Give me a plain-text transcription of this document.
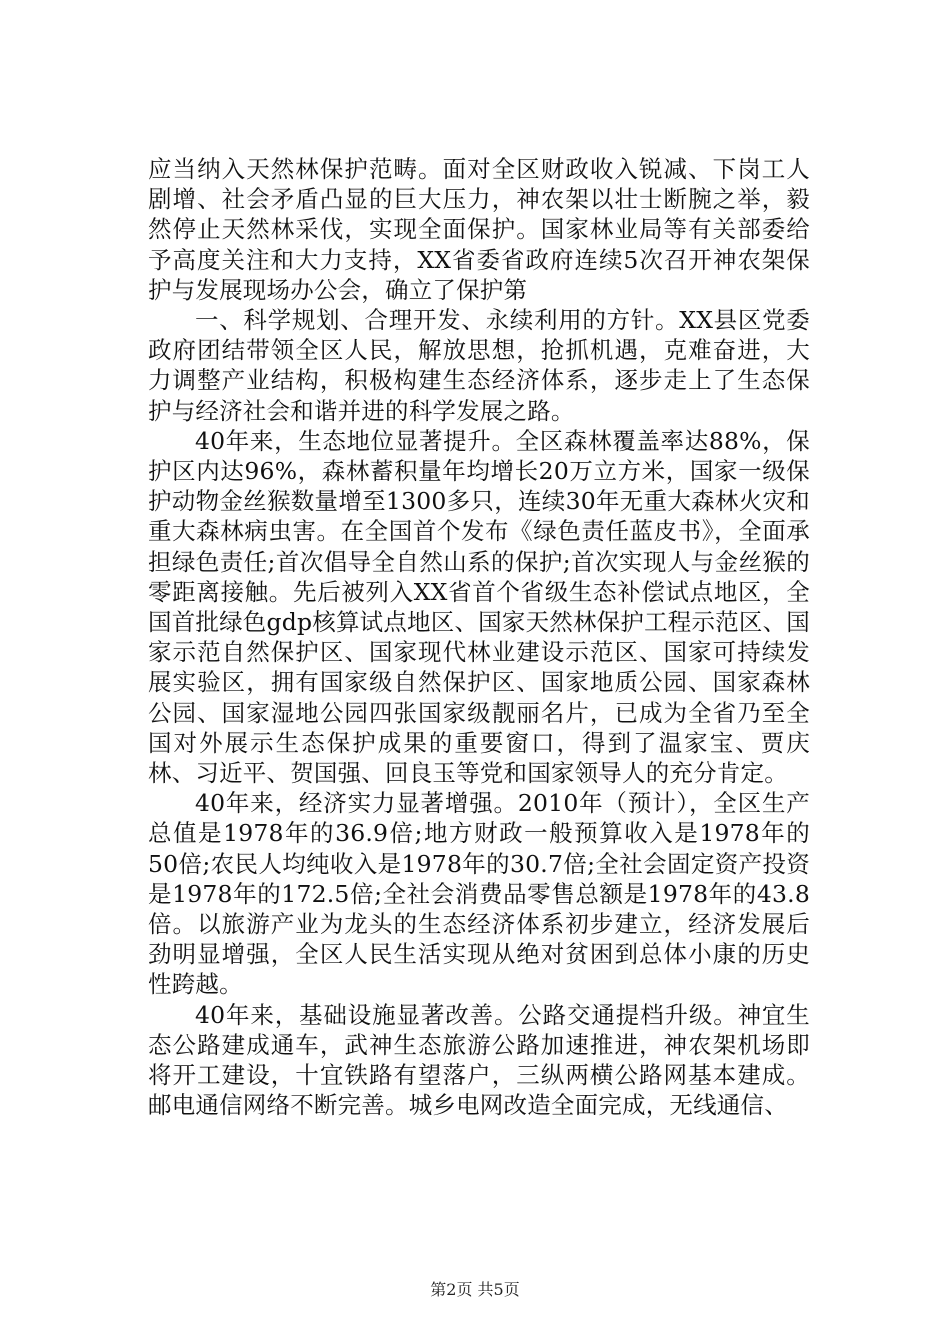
应当纳入天然林保护范畴。面对全区财政收入锐减、下岗工人剧增、社会矛盾凸显的巨大压力，神农架以壮士断腕之举，毅然停止天然林采伐，实现全面保护。国家林业局等有关部委给予高度关注和大力支持，XX省委省政府连续5次召开神农架保护与发展现场办公会，确立了保护第

一、科学规划、合理开发、永续利用的方针。XX县区党委政府团结带领全区人民，解放思想，抢抓机遇，克难奋进，大力调整产业结构，积极构建生态经济体系，逐步走上了生态保护与经济社会和谐并进的科学发展之路。

40年来，生态地位显著提升。全区森林覆盖率达88%，保护区内达96%，森林蓄积量年均增长20万立方米，国家一级保护动物金丝猴数量增至1300多只，连续30年无重大森林火灾和重大森林病虫害。在全国首个发布《绿色责任蓝皮书》，全面承担绿色责任;首次倡导全自然山系的保护;首次实现人与金丝猴的零距离接触。先后被列入XX省首个省级生态补偿试点地区，全国首批绿色gdp核算试点地区、国家天然林保护工程示范区、国家示范自然保护区、国家现代林业建设示范区、国家可持续发展实验区，拥有国家级自然保护区、国家地质公园、国家森林公园、国家湿地公园四张国家级靓丽名片，已成为全省乃至全国对外展示生态保护成果的重要窗口，得到了温家宝、贾庆林、习近平、贺国强、回良玉等党和国家领导人的充分肯定。

40年来，经济实力显著增强。2010年（预计），全区生产总值是1978年的36.9倍;地方财政一般预算收入是1978年的50倍;农民人均纯收入是1978年的30.7倍;全社会固定资产投资是1978年的172.5倍;全社会消费品零售总额是1978年的43.8倍。以旅游产业为龙头的生态经济体系初步建立，经济发展后劲明显增强，全区人民生活实现从绝对贫困到总体小康的历史性跨越。

40年来，基础设施显著改善。公路交通提档升级。神宜生态公路建成通车，武神生态旅游公路加速推进，神农架机场即将开工建设，十宜铁路有望落户，三纵两横公路网基本建成。邮电通信网络不断完善。城乡电网改造全面完成，无线通信、

第2页 共5页
